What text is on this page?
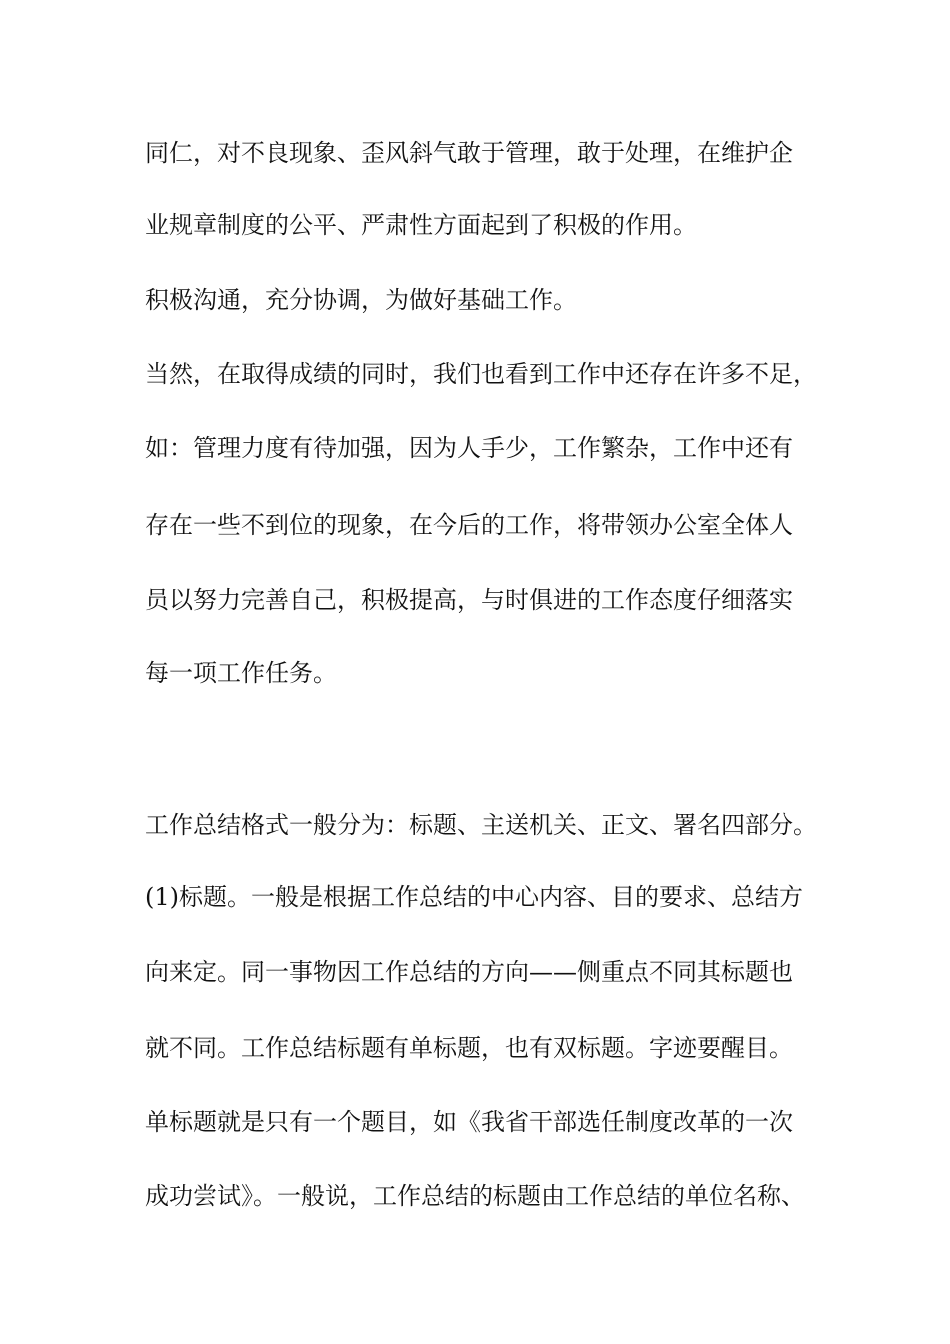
同仁，对不良现象、歪风斜气敢于管理，敢于处理，在维护企
业规章制度的公平、严肃性方面起到了积极的作用。
积极沟通，充分协调，为做好基础工作。
当然，在取得成绩的同时，我们也看到工作中还存在许多不足，
如：管理力度有待加强，因为人手少，工作繁杂，工作中还有
存在一些不到位的现象，在今后的工作，将带领办公室全体人
员以努力完善自己，积极提高，与时俱进的工作态度仔细落实
每一项工作任务。
工作总结格式一般分为：标题、主送机关、正文、署名四部分。
(1)标题。一般是根据工作总结的中心内容、目的要求、总结方
向来定。同一事物因工作总结的方向——侧重点不同其标题也
就不同。工作总结标题有单标题，也有双标题。字迹要醒目。
单标题就是只有一个题目，如《我省干部选任制度改革的一次
成功尝试》。一般说，工作总结的标题由工作总结的单位名称、
